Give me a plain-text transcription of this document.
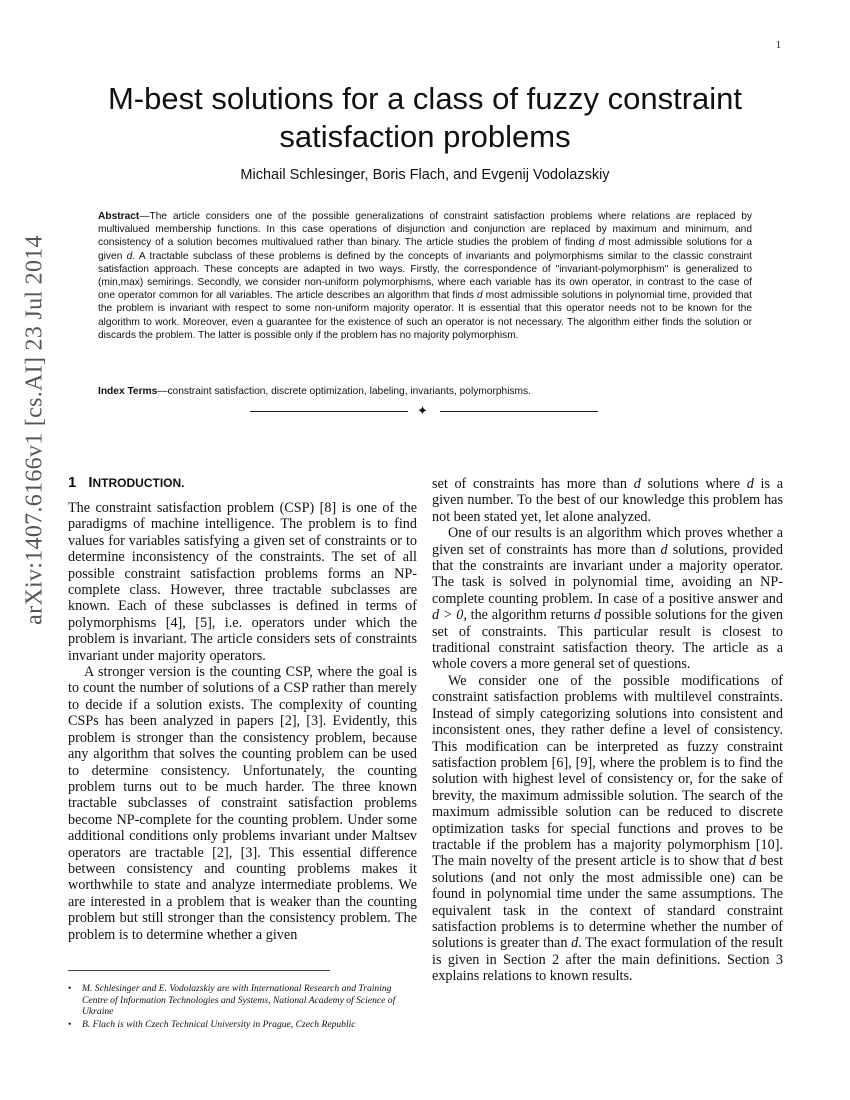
1
arXiv:1407.6166v1 [cs.AI] 23 Jul 2014
M-best solutions for a class of fuzzy constraint satisfaction problems
Michail Schlesinger, Boris Flach, and Evgenij Vodolazskiy
Abstract—The article considers one of the possible generalizations of constraint satisfaction problems where relations are replaced by multivalued membership functions. In this case operations of disjunction and conjunction are replaced by maximum and minimum, and consistency of a solution becomes multivalued rather than binary. The article studies the problem of finding d most admissible solutions for a given d. A tractable subclass of these problems is defined by the concepts of invariants and polymorphisms similar to the classic constraint satisfaction approach. These concepts are adapted in two ways. Firstly, the correspondence of "invariant-polymorphism" is generalized to (min,max) semirings. Secondly, we consider non-uniform polymorphisms, where each variable has its own operator, in contrast to the case of one operator common for all variables. The article describes an algorithm that finds d most admissible solutions in polynomial time, provided that the problem is invariant with respect to some non-uniform majority operator. It is essential that this operator needs not to be known for the algorithm to work. Moreover, even a guarantee for the existence of such an operator is not necessary. The algorithm either finds the solution or discards the problem. The latter is possible only if the problem has no majority polymorphism.
Index Terms—constraint satisfaction, discrete optimization, labeling, invariants, polymorphisms.
✦
1 INTRODUCTION.

The constraint satisfaction problem (CSP) [8] is one of the paradigms of machine intelligence. The problem is to find values for variables satisfying a given set of constraints or to determine inconsistency of the constraints. The set of all possible constraint satisfaction problems forms an NP-complete class. However, three tractable subclasses are known. Each of these subclasses is defined in terms of polymorphisms [4], [5], i.e. operators under which the problem is invariant. The article considers sets of constraints invariant under majority operators.

A stronger version is the counting CSP, where the goal is to count the number of solutions of a CSP rather than merely to decide if a solution exists. The complexity of counting CSPs has been analyzed in papers [2], [3]. Evidently, this problem is stronger than the consistency problem, because any algorithm that solves the counting problem can be used to determine consistency. Unfortunately, the counting problem turns out to be much harder. The three known tractable subclasses of constraint satisfaction problems become NP-complete for the counting problem. Under some additional conditions only problems invariant under Maltsev operators are tractable [2], [3]. This essential difference between consistency and counting problems makes it worthwhile to state and analyze intermediate problems. We are interested in a problem that is weaker than the counting problem but still stronger than the consistency problem. The problem is to determine whether a given

• M. Schlesinger and E. Vodolazskiy are with International Research and Training Centre of Information Technologies and Systems, National Academy of Science of Ukraine
• B. Flach is with Czech Technical University in Prague, Czech Republic

set of constraints has more than d solutions where d is a given number. To the best of our knowledge this problem has not been stated yet, let alone analyzed.

One of our results is an algorithm which proves whether a given set of constraints has more than d solutions, provided that the constraints are invariant under a majority operator. The task is solved in polynomial time, avoiding an NP-complete counting problem. In case of a positive answer and d > 0, the algorithm returns d possible solutions for the given set of constraints. This particular result is closest to traditional constraint satisfaction theory. The article as a whole covers a more general set of questions.

We consider one of the possible modifications of constraint satisfaction problems with multilevel constraints. Instead of simply categorizing solutions into consistent and inconsistent ones, they rather define a level of consistency. This modification can be interpreted as fuzzy constraint satisfaction problem [6], [9], where the problem is to find the solution with highest level of consistency or, for the sake of brevity, the maximum admissible solution. The search of the maximum admissible solution can be reduced to discrete optimization tasks for special functions and proves to be tractable if the problem has a majority polymorphism [10]. The main novelty of the present article is to show that d best solutions (and not only the most admissible one) can be found in polynomial time under the same assumptions. The equivalent task in the context of standard constraint satisfaction problems is to determine whether the number of solutions is greater than d. The exact formulation of the result is given in Section 2 after the main definitions. Section 3 explains relations to known results.
